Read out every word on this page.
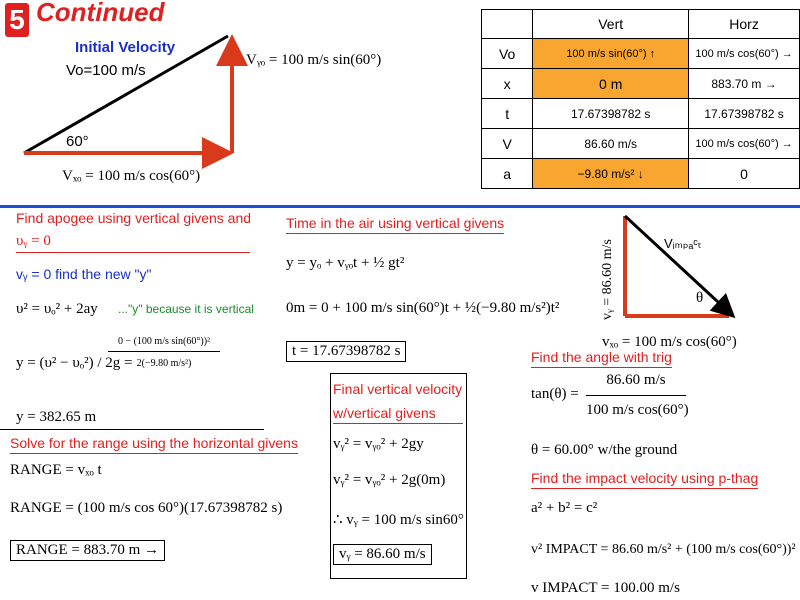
5 Continued
Initial Velocity
Vo=100 m/s
60°
Vᵧₒ = 100 m/s sin(60°)
Vₓₒ = 100 m/s cos(60°)
	Vert	Horz
Vo	100 m/s sin(60°) ↑	100 m/s cos(60°) →
x	0 m	883.70 m →
t	17.67398782 s	17.67398782 s
V	86.60 m/s	100 m/s cos(60°) →
a	−9.80 m/s² ↓	0
Find apogee using vertical givens and
υᵧ = 0
vᵧ = 0 find the new "y"
υ² = υₒ² + 2ay ..."y" because it is vertical
y = (υ² − υₒ²) / 2g =
$\frac{\text{0 − (100 m/s sin(60°))²}}{\text{2(−9.80 m/s²)}}$
y = 382.65 m
Solve for the range using the horizontal givens
RANGE = vₓₒ t
RANGE = (100 m/s cos 60°)(17.67398782 s)
RANGE = 883.70 m →
Time in the air using vertical givens
y = yₒ + vᵧₒt + ½ gt²
0m = 0 + 100 m/s sin(60°)t + ½(−9.80 m/s²)t²
t = 17.67398782 s
Final vertical velocity
w/vertical givens
vᵧ² = vᵧₒ² + 2gy
vᵧ² = vᵧₒ² + 2g(0m)
∴ vᵧ = 100 m/s sin60°
vᵧ = 86.60 m/s
vᵧ = 86.60 m/s	Vᵢₘₚₐᶜₜ
θ
vₓₒ = 100 m/s cos(60°)
Find the angle with trig
$\tan(\theta) = \frac{86.60 m/s}{\text{100 m/s cos(60°)}}$
θ = 60.00° w/the ground
Find the impact velocity using p-thag
a² + b² = c²
v² IMPACT = 86.60 m/s² + (100 m/s cos(60°))²
v IMPACT = 100.00 m/s
